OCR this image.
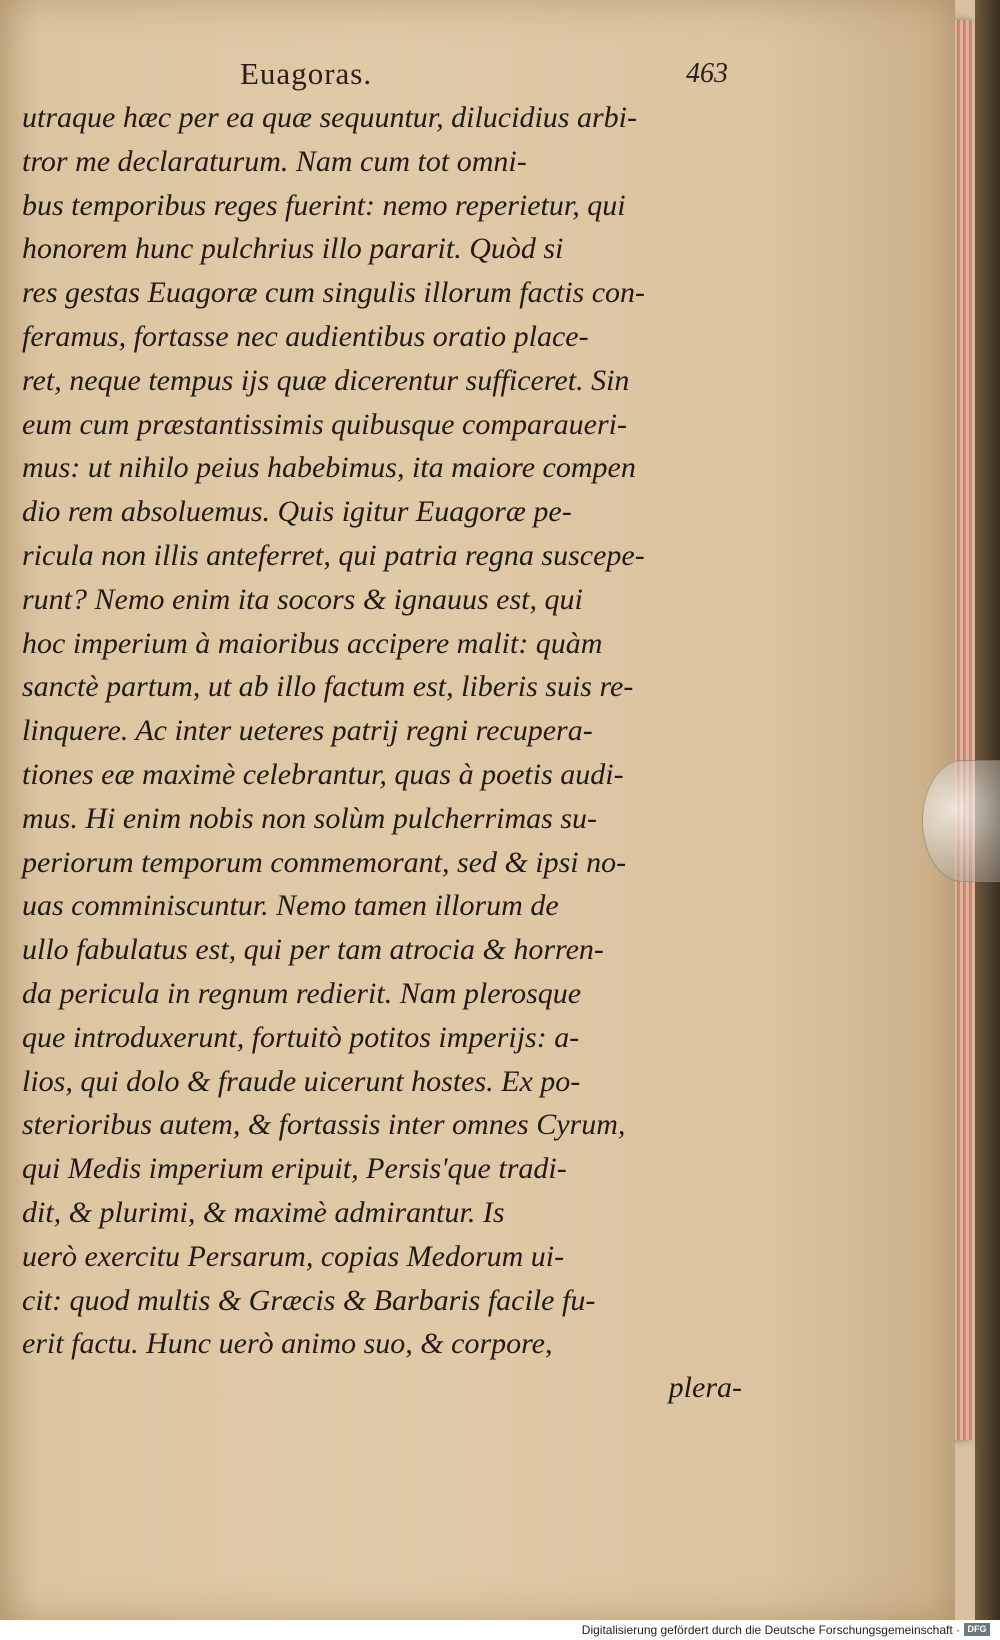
Euagoras.	463
utraque hæc per ea quæ sequuntur, dilucidius arbi-
tror me declaraturum. Nam cum tot omni-
bus temporibus reges fuerint: nemo reperietur, qui
honorem hunc pulchrius illo pararit. Quòd si
res gestas Euagoræ cum singulis illorum factis con-
feramus, fortasse nec audientibus oratio place-
ret, neque tempus ijs quæ dicerentur sufficeret. Sin
eum cum præstantissimis quibusque comparaueri-
mus: ut nihilo peius habebimus, ita maiore compen
dio rem absoluemus. Quis igitur Euagoræ pe-
ricula non illis anteferret, qui patria regna suscepe-
runt? Nemo enim ita socors & ignauus est, qui
hoc imperium à maioribus accipere malit: quàm
sanctè partum, ut ab illo factum est, liberis suis re-
linquere. Ac inter ueteres patrij regni recupera-
tiones eæ maximè celebrantur, quas à poetis audi-
mus. Hi enim nobis non solùm pulcherrimas su-
periorum temporum commemorant, sed & ipsi no-
uas comminiscuntur. Nemo tamen illorum de
ullo fabulatus est, qui per tam atrocia & horren-
da pericula in regnum redierit. Nam plerosque
que introduxerunt, fortuitò potitos imperijs: a-
lios, qui dolo & fraude uicerunt hostes. Ex po-
sterioribus autem, & fortassis inter omnes Cyrum,
qui Medis imperium eripuit, Persis'que tradi-
dit, & plurimi, & maximè admirantur. Is
uerò exercitu Persarum, copias Medorum ui-
cit: quod multis & Græcis & Barbaris facile fu-
erit factu. Hunc uerò animo suo, & corpore,
plera-
Digitalisierung gefördert durch die Deutsche Forschungsgemeinschaft · DFG
